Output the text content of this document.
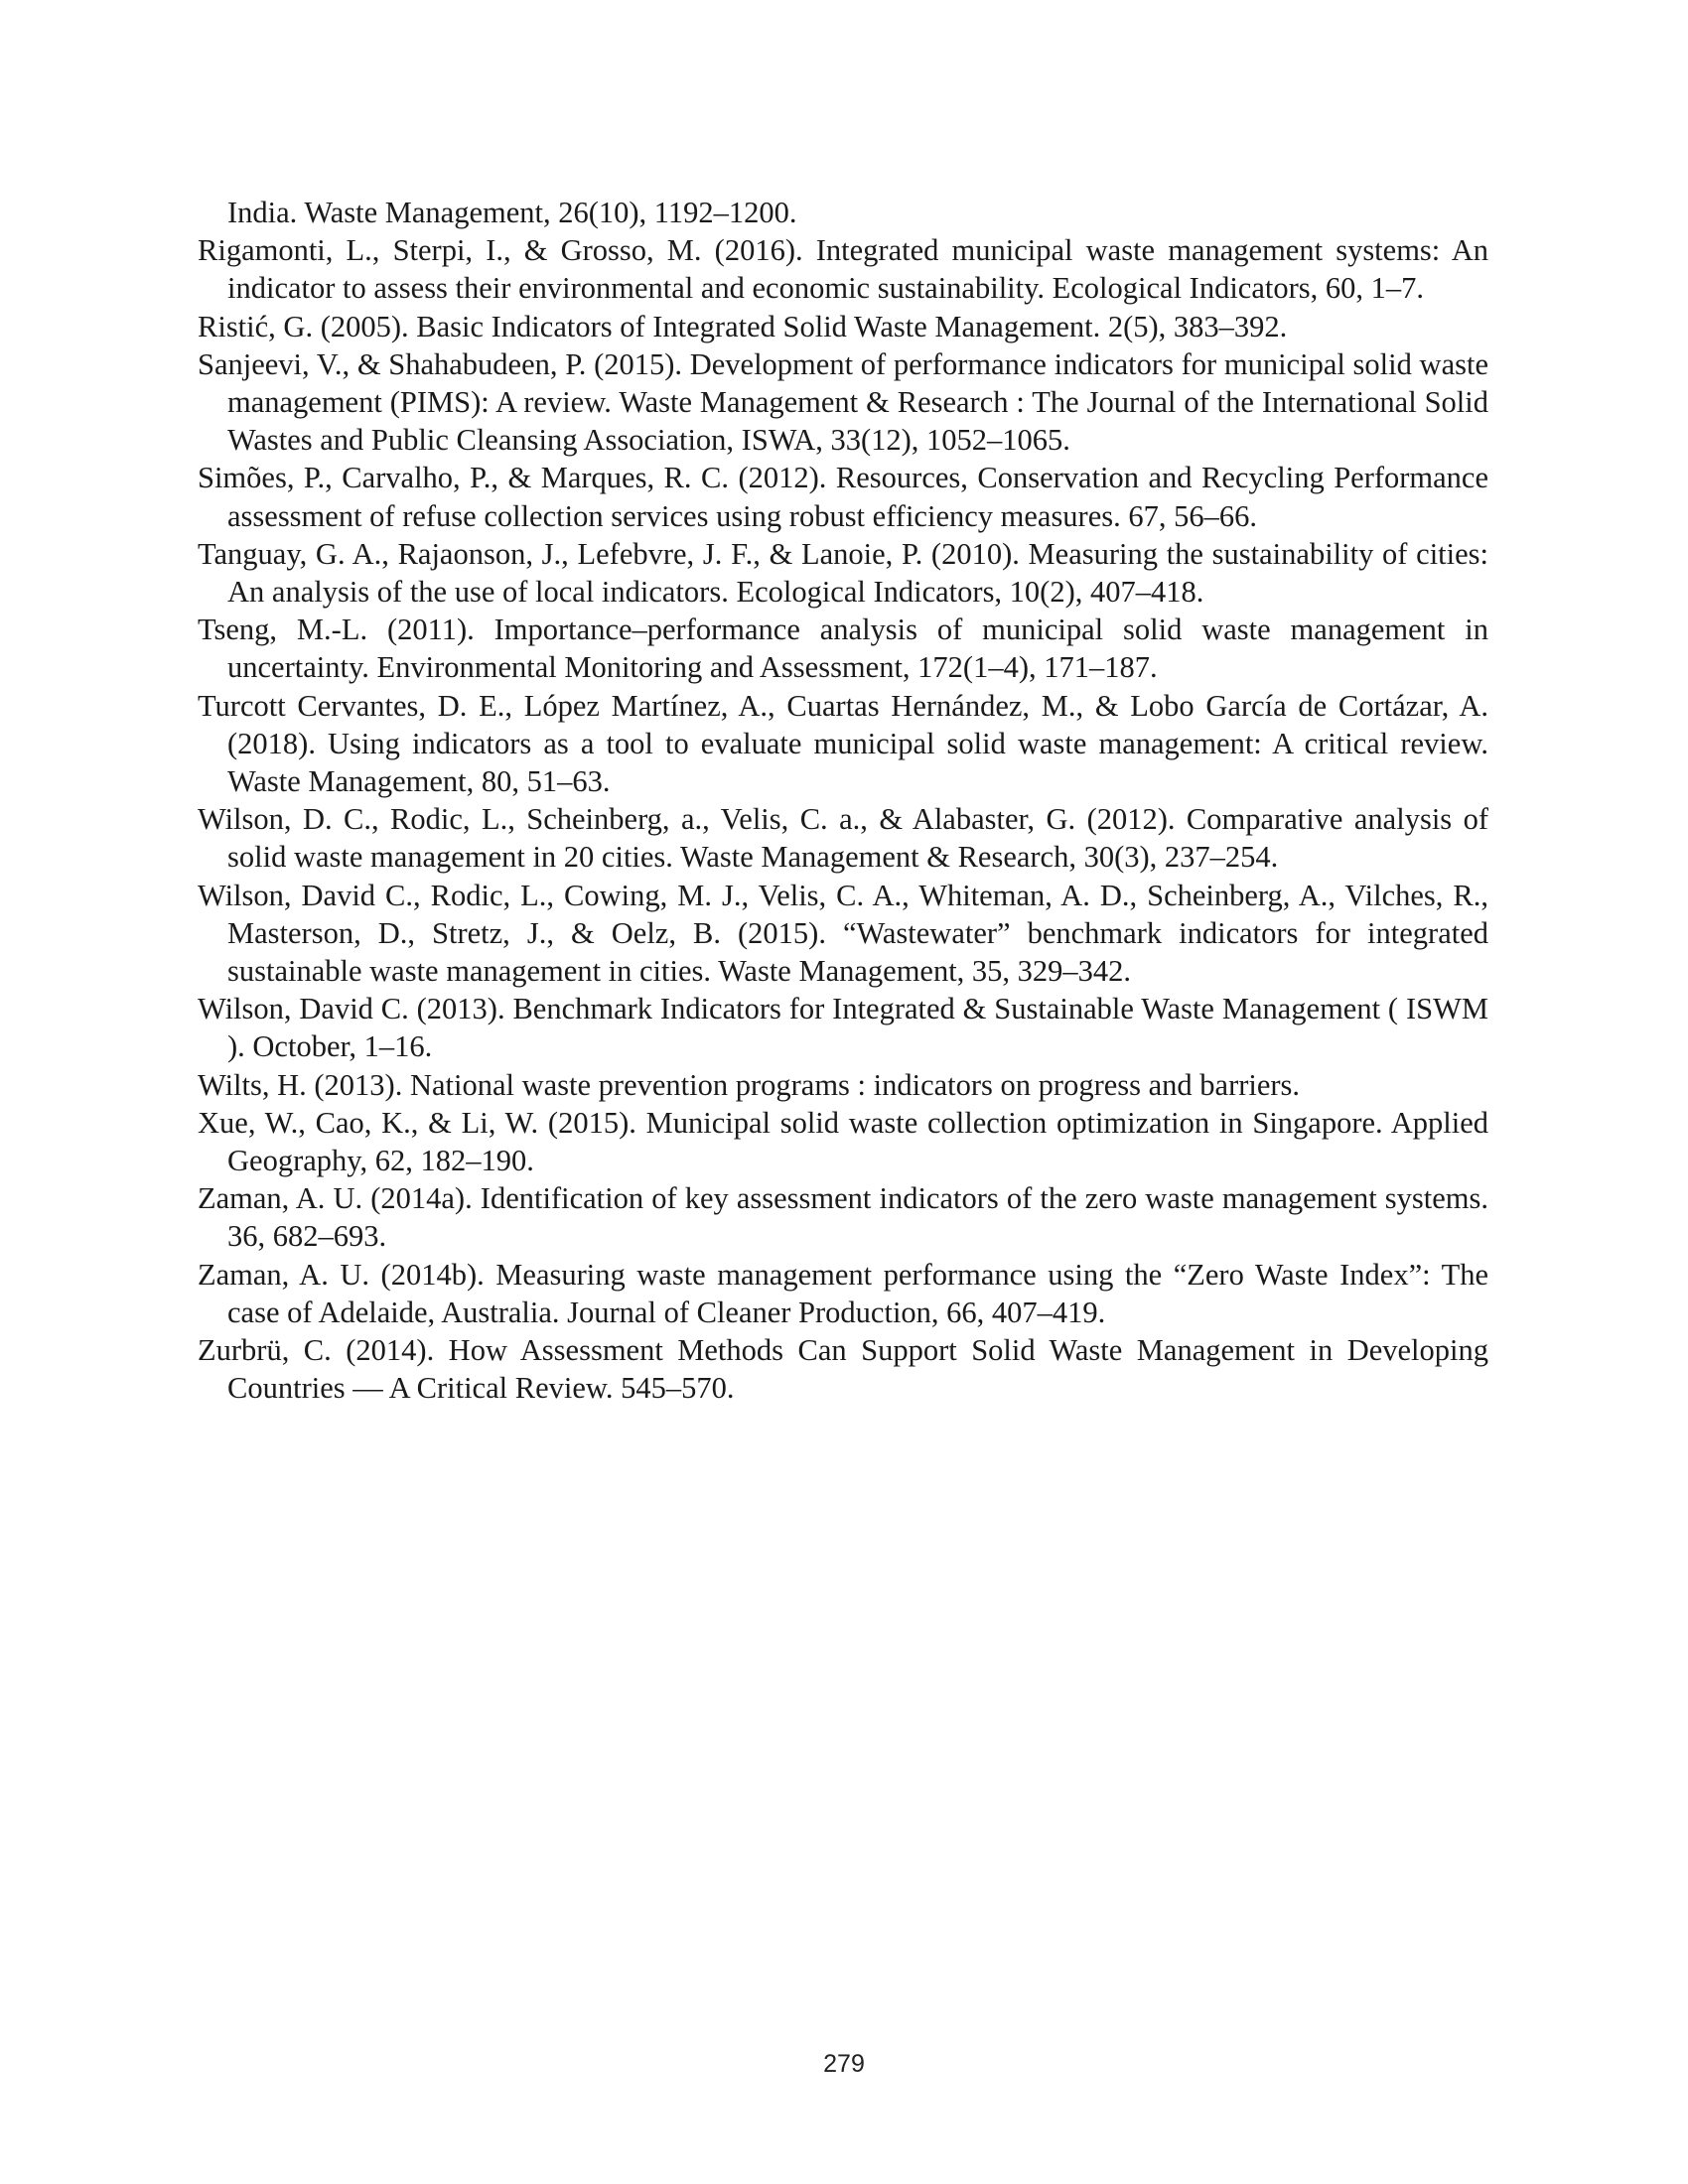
India. Waste Management, 26(10), 1192–1200.

Rigamonti, L., Sterpi, I., & Grosso, M. (2016). Integrated municipal waste management systems: An indicator to assess their environmental and economic sustainability. Ecological Indicators, 60, 1–7.

Ristić, G. (2005). Basic Indicators of Integrated Solid Waste Management. 2(5), 383–392.

Sanjeevi, V., & Shahabudeen, P. (2015). Development of performance indicators for municipal solid waste management (PIMS): A review. Waste Management & Research : The Journal of the International Solid Wastes and Public Cleansing Association, ISWA, 33(12), 1052–1065.

Simões, P., Carvalho, P., & Marques, R. C. (2012). Resources, Conservation and Recycling Performance assessment of refuse collection services using robust efficiency measures. 67, 56–66.

Tanguay, G. A., Rajaonson, J., Lefebvre, J. F., & Lanoie, P. (2010). Measuring the sustainability of cities: An analysis of the use of local indicators. Ecological Indicators, 10(2), 407–418.

Tseng, M.-L. (2011). Importance–performance analysis of municipal solid waste management in uncertainty. Environmental Monitoring and Assessment, 172(1–4), 171–187.

Turcott Cervantes, D. E., López Martínez, A., Cuartas Hernández, M., & Lobo García de Cortázar, A. (2018). Using indicators as a tool to evaluate municipal solid waste management: A critical review. Waste Management, 80, 51–63.

Wilson, D. C., Rodic, L., Scheinberg, a., Velis, C. a., & Alabaster, G. (2012). Comparative analysis of solid waste management in 20 cities. Waste Management & Research, 30(3), 237–254.

Wilson, David C., Rodic, L., Cowing, M. J., Velis, C. A., Whiteman, A. D., Scheinberg, A., Vilches, R., Masterson, D., Stretz, J., & Oelz, B. (2015). “Wastewater” benchmark indicators for integrated sustainable waste management in cities. Waste Management, 35, 329–342.

Wilson, David C. (2013). Benchmark Indicators for Integrated & Sustainable Waste Management ( ISWM ). October, 1–16.

Wilts, H. (2013). National waste prevention programs : indicators on progress and barriers.

Xue, W., Cao, K., & Li, W. (2015). Municipal solid waste collection optimization in Singapore. Applied Geography, 62, 182–190.

Zaman, A. U. (2014a). Identification of key assessment indicators of the zero waste management systems. 36, 682–693.

Zaman, A. U. (2014b). Measuring waste management performance using the “Zero Waste Index”: The case of Adelaide, Australia. Journal of Cleaner Production, 66, 407–419.

Zurbrü, C. (2014). How Assessment Methods Can Support Solid Waste Management in Developing Countries — A Critical Review. 545–570.

279
